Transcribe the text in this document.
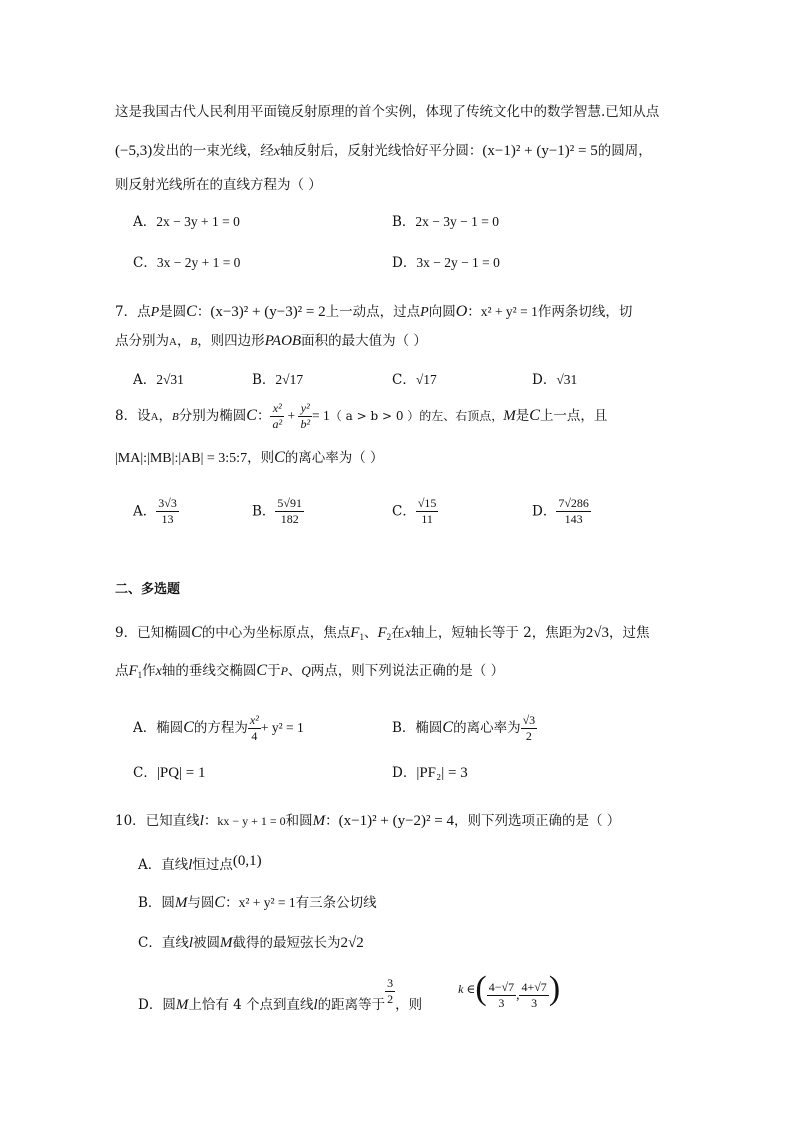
这是我国古代人民利用平面镜反射原理的首个实例，体现了传统文化中的数学智慧.已知从点
(−5,3)发出的一束光线，经x轴反射后，反射光线恰好平分圆：(x−1)² + (y−1)² = 5的圆周，
则反射光线所在的直线方程为（ ）
A．2x − 3y + 1 = 0	B．2x − 3y − 1 = 0
C．3x − 2y + 1 = 0	D．3x − 2y − 1 = 0
7．点P是圆C：(x−3)² + (y−3)² = 2上一动点，过点P向圆O：x² + y² = 1作两条切线，切
点分别为A，B，则四边形PAOB面积的最大值为（ ）
A．2√31	B．2√17	C．√17	D．√31
8．设A，B分别为椭圆C： $\frac{\text{x²}}{\text{a²}} + \frac{\text{y²}}{\text{b²}} = 1$（ a > b > 0 ）的左、右顶点，M是C上一点，且
|MA|:|MB|:|AB| = 3:5:7，则C的离心率为（ ）
A． $\frac{3√3}{13}$	B． $\frac{5√91}{182}$	C． $\frac{√15}{11}$	D． $\frac{7√286}{143}$
二、多选题
9．已知椭圆C的中心为坐标原点，焦点$F_1$、$F_2$在x轴上，短轴长等于 2，焦距为2√3，过焦
点$F_1$作x轴的垂线交椭圆C于P、Q两点，则下列说法正确的是（ ）
A．椭圆C的方程为 $\frac{\text{x²}}{4} + y^2 = 1$	B．椭圆C的离心率为 $\frac{√3}{2}$
C．|PQ| = 1	D．|PF₂| = 3
10．已知直线l：kx − y + 1 = 0和圆M：(x−1)² + (y−2)² = 4，则下列选项正确的是（ ）
A．直线l恒过点(0,1)
B．圆M与圆C：x² + y² = 1有三条公切线
C．直线l被圆M截得的最短弦长为2√2
D．圆M上恰有 4 个点到直线l的距离等于 $\frac{3}{2}$ ，则k ∈( $\frac{4-√7}{3}$ , $\frac{4+√7}{3}$ )
